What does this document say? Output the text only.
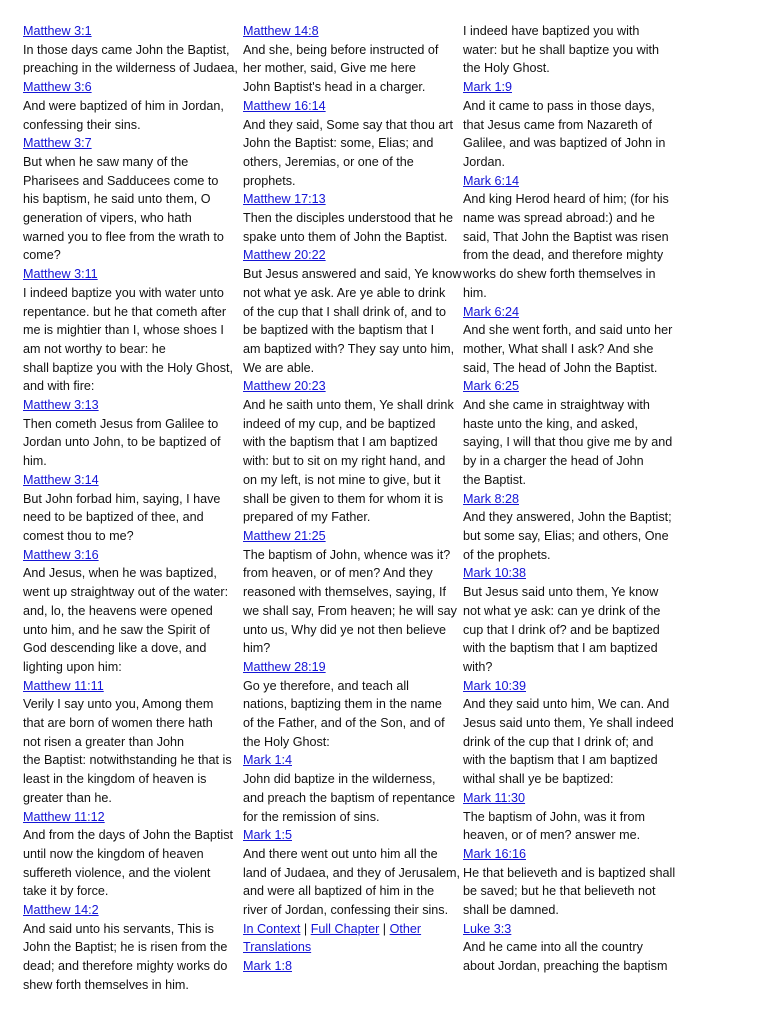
Matthew 3:1
In those days came John the Baptist,
preaching in the wilderness of Judaea,
Matthew 3:6
And were baptized of him in Jordan,
confessing their sins.
Matthew 3:7
But when he saw many of the
Pharisees and Sadducees come to
his baptism, he said unto them, O
generation of vipers, who hath
warned you to flee from the wrath to
come?
Matthew 3:11
I indeed baptize you with water unto
repentance. but he that cometh after
me is mightier than I, whose shoes I
am not worthy to bear: he
shall baptize you with the Holy Ghost,
and with fire:
Matthew 3:13
Then cometh Jesus from Galilee to
Jordan unto John, to be baptized of
him.
Matthew 3:14
But John forbad him, saying, I have
need to be baptized of thee, and
comest thou to me?
Matthew 3:16
And Jesus, when he was baptized,
went up straightway out of the water:
and, lo, the heavens were opened
unto him, and he saw the Spirit of
God descending like a dove, and
lighting upon him:
Matthew 11:11
Verily I say unto you, Among them
that are born of women there hath
not risen a greater than John
the Baptist: notwithstanding he that is
least in the kingdom of heaven is
greater than he.
Matthew 11:12
And from the days of John the Baptist
until now the kingdom of heaven
suffereth violence, and the violent
take it by force.
Matthew 14:2
And said unto his servants, This is
John the Baptist; he is risen from the
dead; and therefore mighty works do
shew forth themselves in him.
Matthew 14:8
And she, being before instructed of
her mother, said, Give me here
John Baptist's head in a charger.
Matthew 16:14
And they said, Some say that thou art
John the Baptist: some, Elias; and
others, Jeremias, or one of the
prophets.
Matthew 17:13
Then the disciples understood that he
spake unto them of John the Baptist.
Matthew 20:22
But Jesus answered and said, Ye know
not what ye ask. Are ye able to drink
of the cup that I shall drink of, and to
be baptized with the baptism that I
am baptized with? They say unto him,
We are able.
Matthew 20:23
And he saith unto them, Ye shall drink
indeed of my cup, and be baptized
with the baptism that I am baptized
with: but to sit on my right hand, and
on my left, is not mine to give, but it
shall be given to them for whom it is
prepared of my Father.
Matthew 21:25
The baptism of John, whence was it?
from heaven, or of men? And they
reasoned with themselves, saying, If
we shall say, From heaven; he will say
unto us, Why did ye not then believe
him?
Matthew 28:19
Go ye therefore, and teach all
nations, baptizing them in the name
of the Father, and of the Son, and of
the Holy Ghost:
Mark 1:4
John did baptize in the wilderness,
and preach the baptism of repentance
for the remission of sins.
Mark 1:5
And there went out unto him all the
land of Judaea, and they of Jerusalem,
and were all baptized of him in the
river of Jordan, confessing their sins.
In Context | Full Chapter | Other
Translations
Mark 1:8
I indeed have baptized you with
water: but he shall baptize you with
the Holy Ghost.
Mark 1:9
And it came to pass in those days,
that Jesus came from Nazareth of
Galilee, and was baptized of John in
Jordan.
Mark 6:14
And king Herod heard of him; (for his
name was spread abroad:) and he
said, That John the Baptist was risen
from the dead, and therefore mighty
works do shew forth themselves in
him.
Mark 6:24
And she went forth, and said unto her
mother, What shall I ask? And she
said, The head of John the Baptist.
Mark 6:25
And she came in straightway with
haste unto the king, and asked,
saying, I will that thou give me by and
by in a charger the head of John
the Baptist.
Mark 8:28
And they answered, John the Baptist;
but some say, Elias; and others, One
of the prophets.
Mark 10:38
But Jesus said unto them, Ye know
not what ye ask: can ye drink of the
cup that I drink of? and be baptized
with the baptism that I am baptized
with?
Mark 10:39
And they said unto him, We can. And
Jesus said unto them, Ye shall indeed
drink of the cup that I drink of; and
with the baptism that I am baptized
withal shall ye be baptized:
Mark 11:30
The baptism of John, was it from
heaven, or of men? answer me.
Mark 16:16
He that believeth and is baptized shall
be saved; but he that believeth not
shall be damned.
Luke 3:3
And he came into all the country
about Jordan, preaching the baptism
